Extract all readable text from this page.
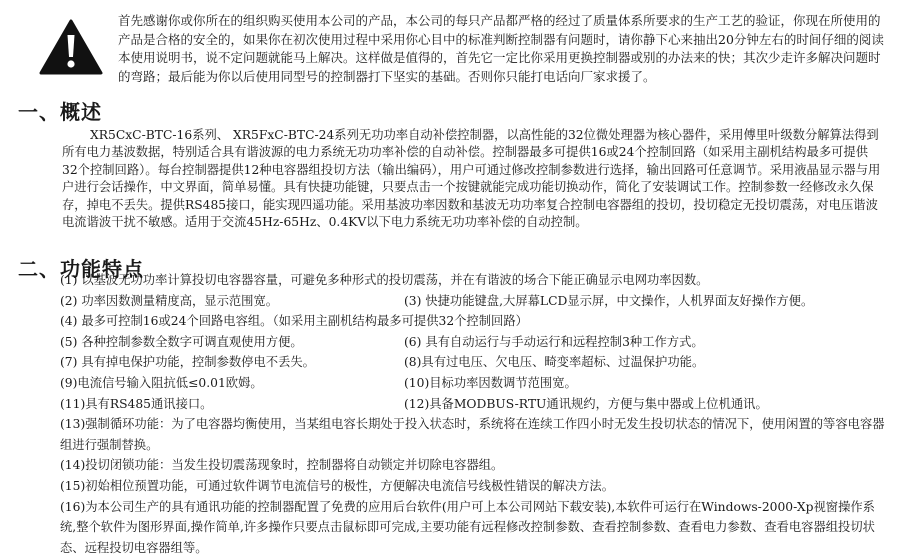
首先感谢你或你所在的组织购买使用本公司的产品，本公司的每只产品都严格的经过了质量体系所要求的生产工艺的验证，你现在所使用的产品是合格的安全的，如果你在初次使用过程中采用你心目中的标准判断控制器有问题时，请你静下心来抽出20分钟左右的时间仔细的阅读本使用说明书，说不定问题就能马上解决。这样做是值得的，首先它一定比你采用更换控制器或别的办法来的快；其次少走许多解决问题时的弯路；最后能为你以后使用同型号的控制器打下坚实的基础。否则你只能打电话向厂家求援了。

一、概述

XR5CxC-BTC-16系列、 XR5FxC-BTC-24系列无功功率自动补偿控制器，以高性能的32位微处理器为核心器件，采用傅里叶级数分解算法得到所有电力基波数据，特别适合具有谐波源的电力系统无功功率补偿的自动补偿。控制器最多可提供16或24个控制回路（如采用主副机结构最多可提供32个控制回路）。每台控制器提供12种电容器组投切方法（输出编码），用户可通过修改控制参数进行选择，输出回路可任意调节。采用液晶显示器与用户进行会话操作，中文界面，简单易懂。具有快捷功能键，只要点击一个按键就能完成功能切换动作，简化了安装调试工作。控制参数一经修改永久保存，掉电不丢失。提供RS485接口，能实现四遥功能。采用基波功率因数和基波无功功率复合控制电容器组的投切，投切稳定无投切震荡，对电压谐波电流谐波干扰不敏感。适用于交流45Hz-65Hz、0.4KV以下电力系统无功功率补偿的自动控制。

二、功能特点

(1) 以基波无功功率计算投切电容器容量，可避免多种形式的投切震荡，并在有谐波的场合下能正确显示电网功率因数。

(2) 功率因数测量精度高，显示范围宽。	(3) 快捷功能键盘,大屏幕LCD显示屏，中文操作，人机界面友好操作方便。
(4) 最多可控制16或24个回路电容组。（如采用主副机结构最多可提供32个控制回路）
(5) 各种控制参数全数字可调直观使用方便。	(6) 具有自动运行与手动运行和远程控制3种工作方式。
(7) 具有掉电保护功能，控制参数停电不丢失。	(8)具有过电压、欠电压、畸变率超标、过温保护功能。
(9)电流信号输入阻抗低≤0.01欧姆。	(10)目标功率因数调节范围宽。
(11)具有RS485通讯接口。	(12)具备MODBUS-RTU通讯规约，方便与集中器或上位机通讯。

(13)强制循环功能：为了电容器均衡使用，当某组电容长期处于投入状态时，系统将在连续工作四小时无发生投切状态的情况下，使用闲置的等容电容器组进行强制替换。

(14)投切闭锁功能：当发生投切震荡现象时，控制器将自动锁定并切除电容器组。

(15)初始相位预置功能，可通过软件调节电流信号的极性，方便解决电流信号线极性错误的解决方法。

(16)为本公司生产的具有通讯功能的控制器配置了免费的应用后台软件(用户可上本公司网站下载安装),本软件可运行在Windows-2000-Xp视窗操作系统,整个软件为图形界面,操作简单,许多操作只要点击鼠标即可完成,主要功能有远程修改控制参数、查看控制参数、查看电力参数、查看电容器组投切状态、远程投切电容器组等。
